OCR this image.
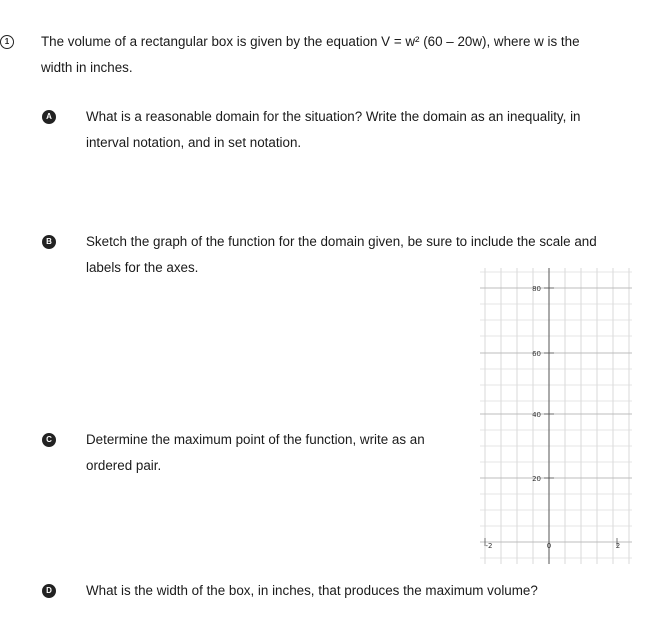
1	The volume of a rectangular box is given by the equation V = w² (60 – 20w), where w is the
width in inches.
A	What is a reasonable domain for the situation? Write the domain as an inequality, in
interval notation, and in set notation.
B	Sketch the graph of the function for the domain given, be sure to include the scale and
labels for the axes.
C	Determine the maximum point of the function, write as an
ordered pair.
D	What is the width of the box, in inches, that produces the maximum volume?
80
60
40
20
-2	0	2
